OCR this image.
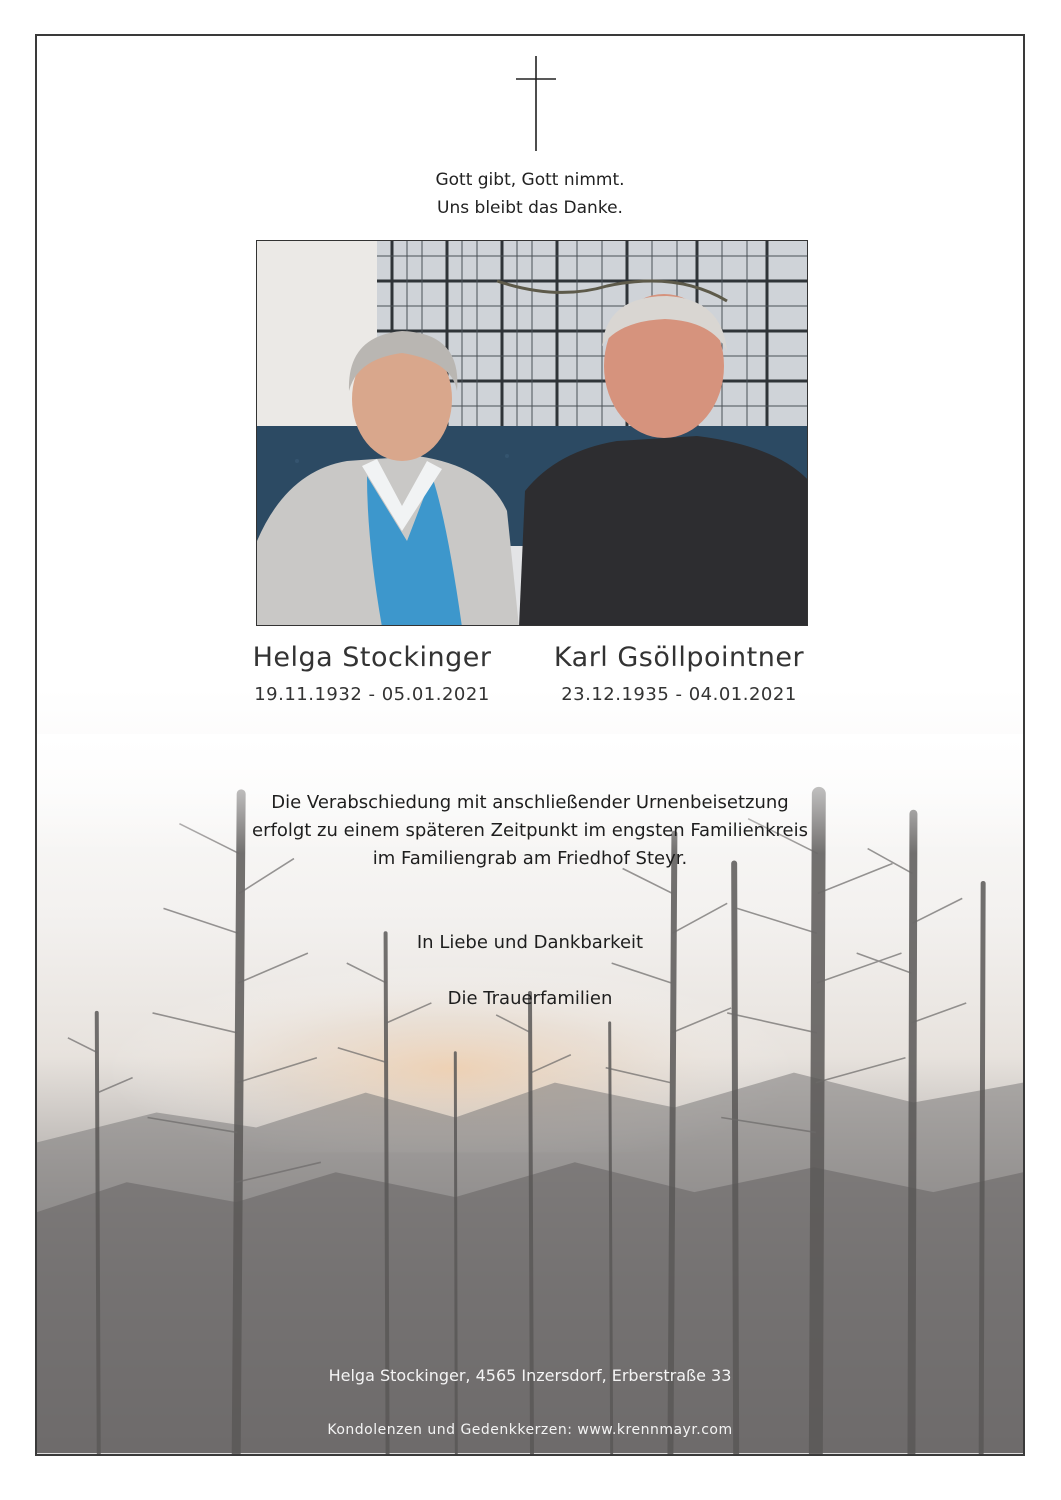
Gott gibt, Gott nimmt.
Uns bleibt das Danke.
Helga Stockinger
19.11.1932 - 05.01.2021
Karl Gsöllpointner
23.12.1935 - 04.01.2021
Die Verabschiedung mit anschließender Urnenbeisetzung
erfolgt zu einem späteren Zeitpunkt im engsten Familienkreis
im Familiengrab am Friedhof Steyr.
In Liebe und Dankbarkeit
Die Trauerfamilien
Helga Stockinger, 4565 Inzersdorf, Erberstraße 33
Kondolenzen und Gedenkkerzen: www.krennmayr.com
